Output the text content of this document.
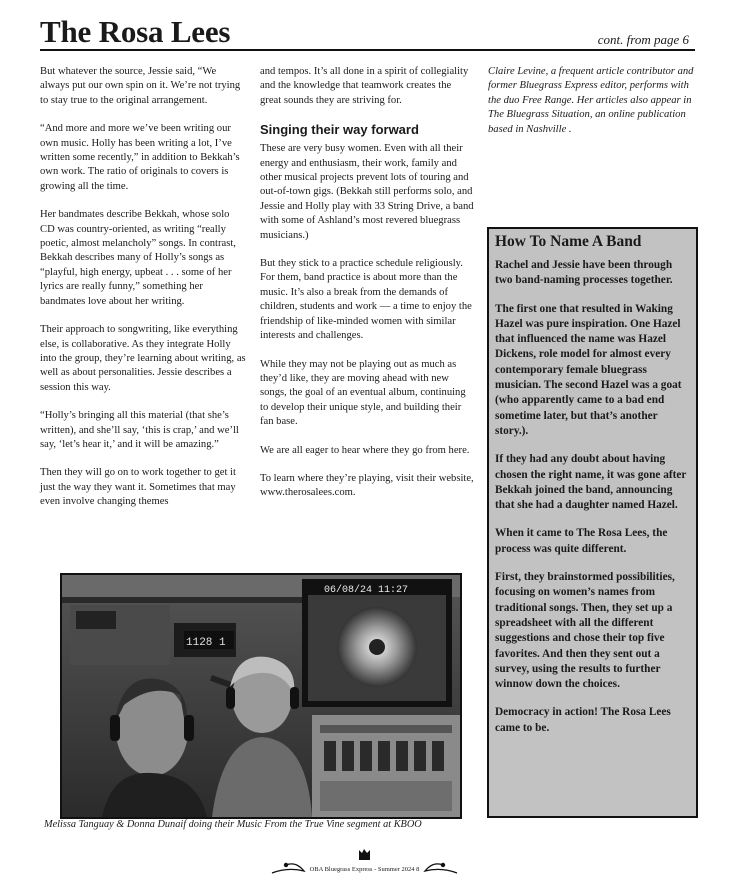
The Rosa Lees	cont. from page 6

But whatever the source, Jessie said, “We always put our own spin on it. We’re not trying to stay true to the original arrangement.

“And more and more we’ve been writing our own music. Holly has been writing a lot, I’ve written some recently,” in addition to Bekkah’s own work. The ratio of originals to covers is growing all the time.

Her bandmates describe Bekkah, whose solo CD was country-oriented, as writing “really poetic, almost melancholy” songs. In contrast, Bekkah describes many of Holly’s songs as “playful, high energy, upbeat . . . some of her lyrics are really funny,” something her bandmates love about her writing.

Their approach to songwriting, like everything else, is collaborative. As they integrate Holly into the group, they’re learning about writing, as well as about personalities. Jessie describes a session this way.

“Holly’s bringing all this material (that she’s written), and she’ll say, ‘this is crap,’ and we’ll say, ‘let’s hear it,’ and it will be amazing.”

Then they will go on to work together to get it just the way they want it. Sometimes that may even involve changing themes

and tempos. It’s all done in a spirit of collegiality and the knowledge that teamwork creates the great sounds they are striving for.

Singing their way forward

These are very busy women. Even with all their energy and enthusiasm, their work, family and other musical projects prevent lots of touring and out-of-town gigs. (Bekkah still performs solo, and Jessie and Holly play with 33 String Drive, a band with some of Ashland’s most revered bluegrass musicians.)

But they stick to a practice schedule religiously. For them, band practice is about more than the music. It’s also a break from the demands of children, students and work — a time to enjoy the friendship of like-minded women with similar interests and challenges.

While they may not be playing out as much as they’d like, they are moving ahead with new songs, the goal of an eventual album, continuing to develop their unique style, and building their fan base.

We are all eager to hear where they go from here.

To learn where they’re playing, visit their website, www.therosalees.com.

Claire Levine, a frequent article contributor and former Bluegrass Express editor, performs with the duo Free Range. Her articles also appear in The Bluegrass Situation, an online publication based in Nashville .

How To Name A Band

Rachel and Jessie have been through two band-naming processes together.

The first one that resulted in Waking Hazel was pure inspiration. One Hazel that influenced the name was Hazel Dickens, role model for almost every contemporary female bluegrass musician. The second Hazel was a goat (who apparently came to a bad end sometime later, but that’s another story.).

If they had any doubt about having chosen the right name, it was gone after Bekkah joined the band, announcing that she had a daughter named Hazel.

When it came to The Rosa Lees, the process was quite different.

First, they brainstormed possibilities, focusing on women’s names from traditional songs. Then, they set up a spreadsheet with all the different suggestions and chose their top five favorites. And then they sent out a survey, using the results to further winnow down the choices.

Democracy in action! The Rosa Lees came to be.

1128 1
06/08/24 11:27
Melissa Tanguay & Donna Dunaif doing their Music From the True Vine segment at KBOO
OBA Bluegrass Express - Summer 2024 8
